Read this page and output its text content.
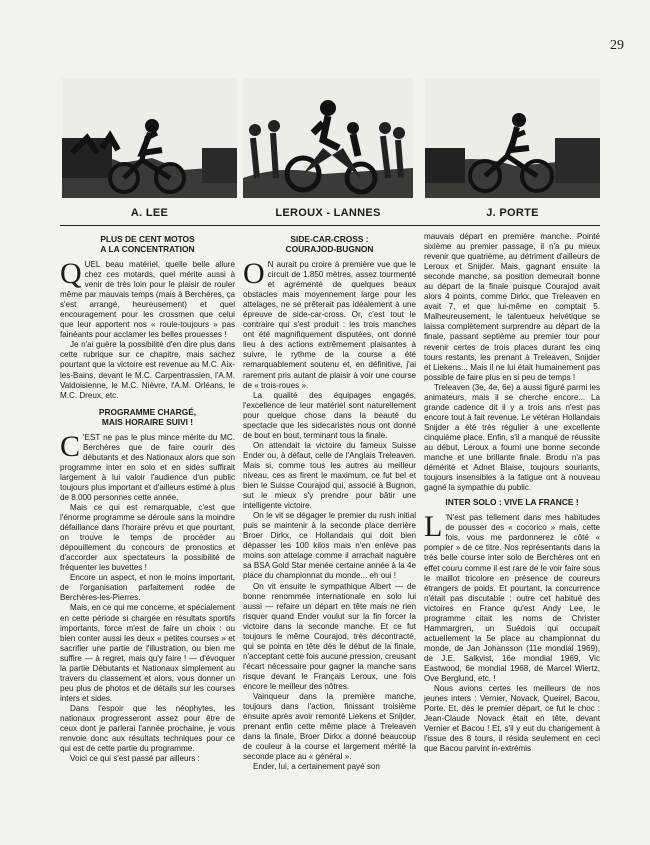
29
A. LEE	LEROUX - LANNES	J. PORTE
PLUS DE CENT MOTOS
A LA CONCENTRATION

QUEL beau matériel, quelle belle allure chez ces motards, quel mérite aussi à venir de très loin pour le plaisir de rouler même par mauvais temps (mais à Berchères, ça s'est arrangé, heureusement) et quel encouragement pour les crossmen que celui que leur apportent nos « roule-toujours » pas fainéants pour acclamer les belles prouesses !

Je n'ai guère la possibilité d'en dire plus dans cette rubrique sur ce chapitre, mais sachez pourtant que la victoire est revenue au M.C. Aix-les-Bains, devant le M.C. Carpentrassien, l'A.M. Valdoisienne, le M.C. Nièvre, l'A.M. Orléans, le M.C. Dreux, etc.

PROGRAMME CHARGÉ,
MAIS HORAIRE SUIVI !

C 'EST ne pas le plus mince mérite du MC. Berchères que de faire courir des débutants et des Nationaux alors que son programme inter en solo et en sides suffirait largement à lui valoir l'audience d'un public toujours plus important et d'ailleurs estimé à plus de 8.000 personnes cette année.

Mais ce qui est remarquable, c'est que l'énorme programme se déroule sans la moindre défaillance dans l'horaire prévu et que pourtant, on trouve le temps de procéder au dépouillement du concours de pronostics et d'accorder aux spectateurs la possibilité de fréquenter les buvettes !

Encore un aspect, et non le moins important, de l'organisation parfaitement rodée de Berchères-les-Pierres.

Mais, en ce qui me concerne, et spécialement en cette période si chargée en résultats sportifs importants, force m'est de faire un choix : ou bien conter aussi les deux « petites courses » et sacrifier une partie de l'illustration, ou bien me suffire — à regret, mais qu'y faire ! — d'évoquer la partie Débutants et Nationaux simplement au travers du classement et alors, vous donner un peu plus de photos et de détails sur les courses inters et sides.

Dans l'espoir que les néophytes, les nationaux progresseront assez pour être de ceux dont je parlerai l'année prochaine, je vous renvoie donc aux résultats techniques pour ce qui est de cette partie du programme.

Voici ce qui s'est passé par ailleurs :

SIDE-CAR-CROSS :
COURAJOD-BUGNON

O N aurait pu croire à première vue que le circuit de 1.850 mètres, assez tourmenté et agrémenté de quelques beaux obstacles mais moyennement large pour les attelages, ne se prêterait pas idéalement à une épreuve de side-car-cross. Or, c'est tout le contraire qui s'est produit : les trois manches ont été magnifiquement disputées, ont donné lieu à des actions extrêmement plaisantes à suivre, le rythme de la course a été remarquablement soutenu et, en définitive, j'ai rarement pris autant de plaisir à voir une course de « trois-roues ».

La qualité des équipages engagés, l'excellence de leur matériel sont naturellement pour quelque chose dans la beauté du spectacle que les sidecaristes nous ont donné de bout en bout, terminant tous la finale.

On attendait la victoire du fameux Suisse Ender ou, à défaut, celle de l'Anglais Treleaven. Mais si, comme tous les autres au meilleur niveau, ces as firent le maximum, ce fut bel et bien le Suisse Courajod qui, associé à Bugnon, sut le mieux s'y prendre pour bâtir une intelligente victoire.

On le vit se dégager le premier du rush initial puis se maintenir à la seconde place derrière Broer Dirkx, ce Hollandais qui doit bien dépasser les 100 kilos mais n'en enlève pas moins son attelage comme il arrachait naguère sa BSA Gold Star menée certaine année à la 4e place du championnat du monde... eh oui !

On vit ensuite le sympathique Albert — de bonne renommée internationale en solo lui aussi — refaire un départ en tête mais ne rien risquer quand Ender voulut sur la fin forcer la victoire dans la seconde manche. Et ce fut toujours le même Courajod, très décontracté, qui se pointa en tête dès le début de la finale, n'acceptant cette fois aucune pression, creusant l'écart nécessaire pour gagner la manche sans risque devant le Français Leroux, une fois encore le meilleur des nôtres.

Vainqueur dans la première manche, toujours dans l'action, finissant troisième ensuite après avoir remonté Liekens et Snijder, prenant enfin cette même place à Treleaven dans la finale, Broer Dirkx a donné beaucoup de couleur à la course et largement mérité la seconde place au « général ».

Ender, lui, a certainement payé son

mauvais départ en première manche. Pointé sixième au premier passage, il n'a pu mieux revenir que quatrième, au détriment d'ailleurs de Leroux et Snijder. Mais, gagnant ensuite la seconde manche, sa position demeurait bonne au départ de la finale puisque Courajod avait alors 4 points, comme Dirkx, que Treleaven en avait 7, et que lui-même en comptait 5. Malheureusement, le talentueux helvétique se laissa complètement surprendre au départ de la finale, passant septième au premier tour pour revenir certes de trois places durant les cinq tours restants, les prenant à Treleaven, Snijder et Liekens... Mais il ne lui était humainement pas possible de faire plus en si peu de temps !

Treleaven (3e, 4e, 6e) a aussi figuré parmi les animateurs, mais il se cherche encore... La grande cadence dit il y a trois ans n'est pas encore tout à fait revenue. Le vétéran Hollandais Snijder a été très régulier à une excellente cinquième place. Enfin, s'il a manqué de réussite au début, Leroux a fourni une bonne seconde manche et une brillante finale. Brodu n'a pas démérité et Adnet Blaise, toujours souriants, toujours insensibles à la fatigue ont à nouveau gagné la sympathie du public.

INTER SOLO : VIVE LA FRANCE !

L 'N'est pas tellement dans mes habitudes de pousser des « cocorico » mais, cette fois, vous me pardonnerez le côté « pompier » de ce titre. Nos représentants dans la très belle course inter solo de Berchères ont en effet couru comme il est rare de le voir faire sous le maillot tricolore en présence de coureurs étrangers de poids. Et pourtant, la concurrence n'était pas discutable : outre cet habitué des victoires en France qu'est Andy Lee, le programme citait les noms de Christer Hammargren, un Suédois qui occupait actuellement la 5e place au championnat du monde, de Jan Johansson (11e mondial 1969), de J.E. Salkvist, 16e mondial 1969, Vic Eastwood, 6e mondial 1968, de Marcel Wiertz, Ove Berglund, etc. !

Nous avions certes les meilleurs de nos jeunes inters : Vernier, Novack, Queirel, Bacou, Porte. Et, dès le premier départ, ce fut le choc : Jean-Claude Novack était en tête, devant Vernier et Bacou ! Et, s'il y eut du changement à l'issue des 8 tours, il résida seulement en ceci que Bacou parvint in-extrémis
